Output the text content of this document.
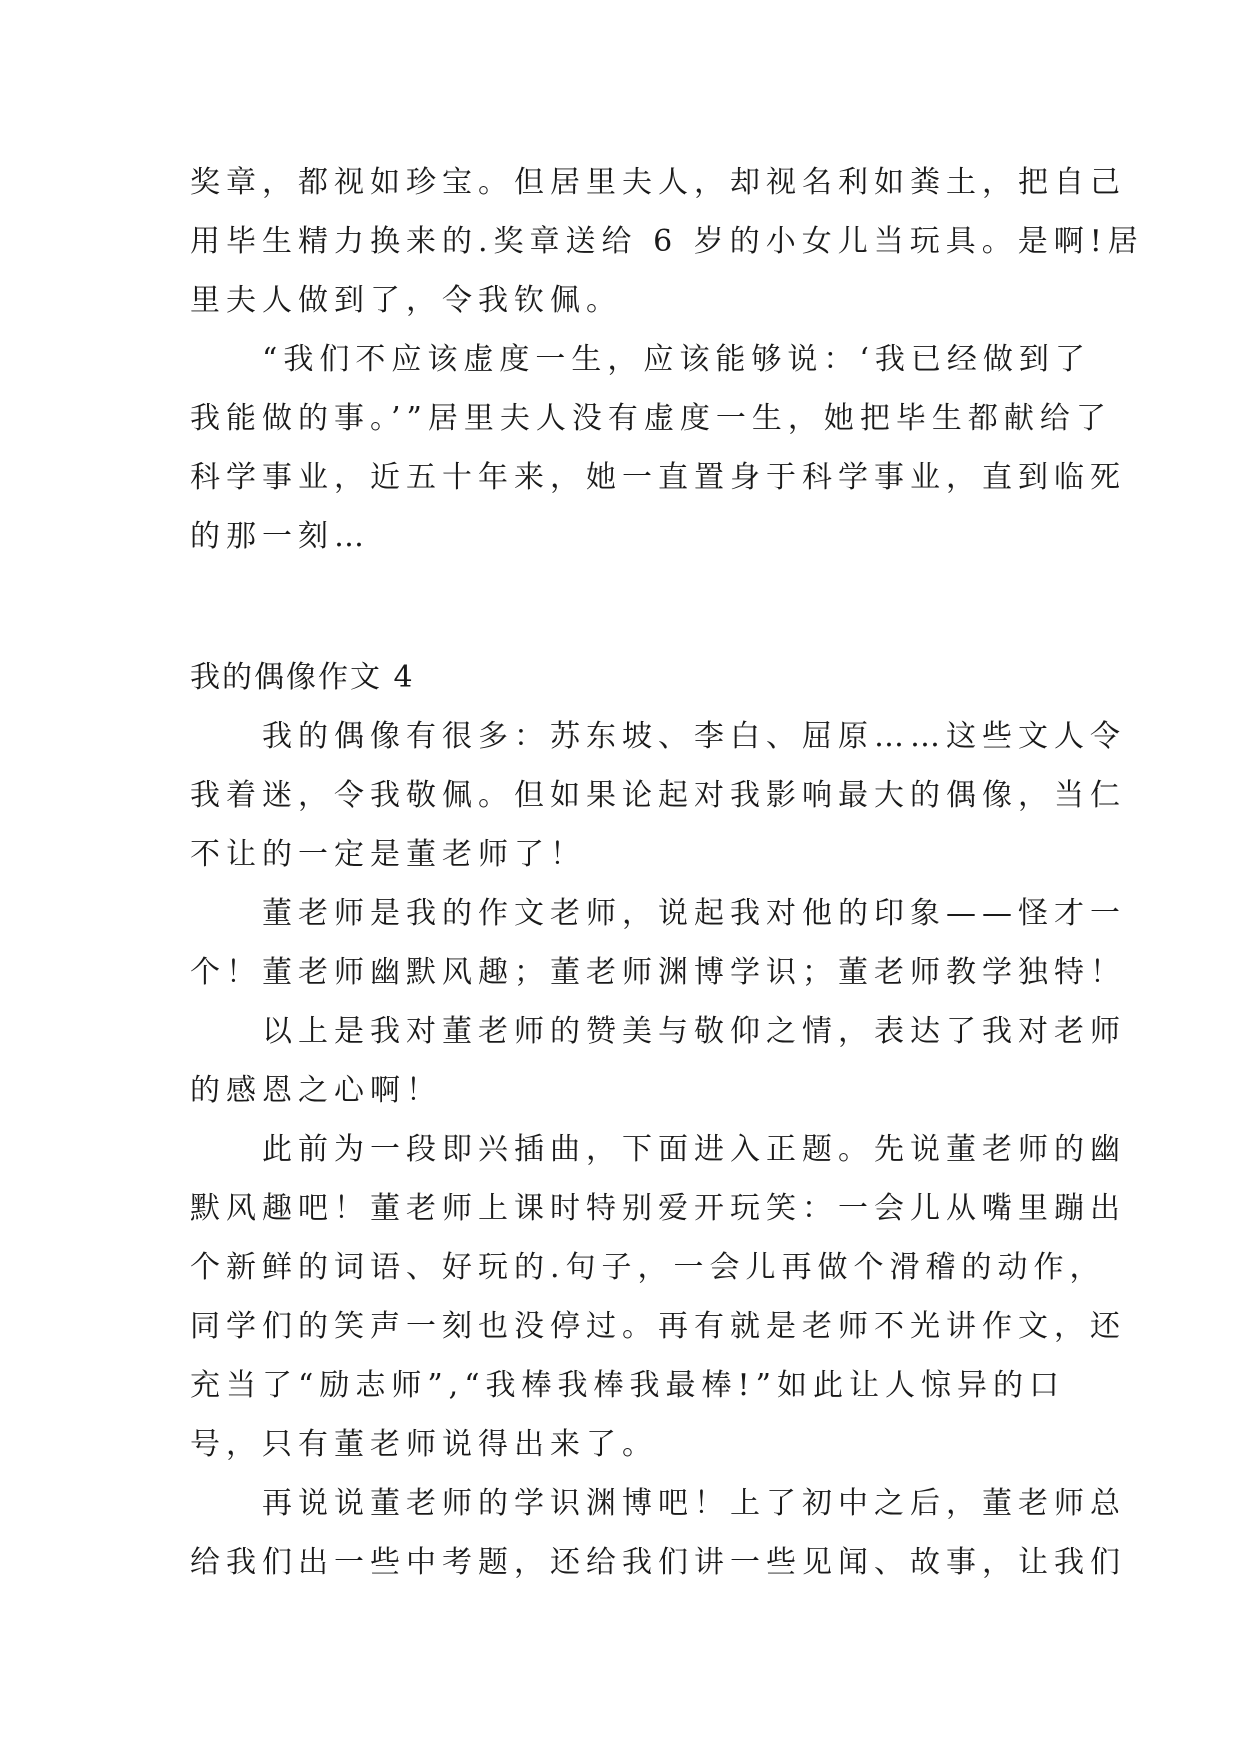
奖章，都视如珍宝。但居里夫人，却视名利如粪土，把自己
用毕生精力换来的.奖章送给 6 岁的小女儿当玩具。是啊!居
里夫人做到了，令我钦佩。
　　“我们不应该虚度一生，应该能够说：‘我已经做到了
我能做的事。’”居里夫人没有虚度一生，她把毕生都献给了
科学事业，近五十年来，她一直置身于科学事业，直到临死
的那一刻…
我的偶像作文 4
　　我的偶像有很多：苏东坡、李白、屈原……这些文人令
我着迷，令我敬佩。但如果论起对我影响最大的偶像，当仁
不让的一定是董老师了！
　　董老师是我的作文老师，说起我对他的印象——怪才一
个！董老师幽默风趣；董老师渊博学识；董老师教学独特！
　　以上是我对董老师的赞美与敬仰之情，表达了我对老师
的感恩之心啊！
　　此前为一段即兴插曲，下面进入正题。先说董老师的幽
默风趣吧！董老师上课时特别爱开玩笑：一会儿从嘴里蹦出
个新鲜的词语、好玩的.句子，一会儿再做个滑稽的动作，
同学们的笑声一刻也没停过。再有就是老师不光讲作文，还
充当了“励志师”,“我棒我棒我最棒!”如此让人惊异的口
号，只有董老师说得出来了。
　　再说说董老师的学识渊博吧！上了初中之后，董老师总
给我们出一些中考题，还给我们讲一些见闻、故事，让我们
